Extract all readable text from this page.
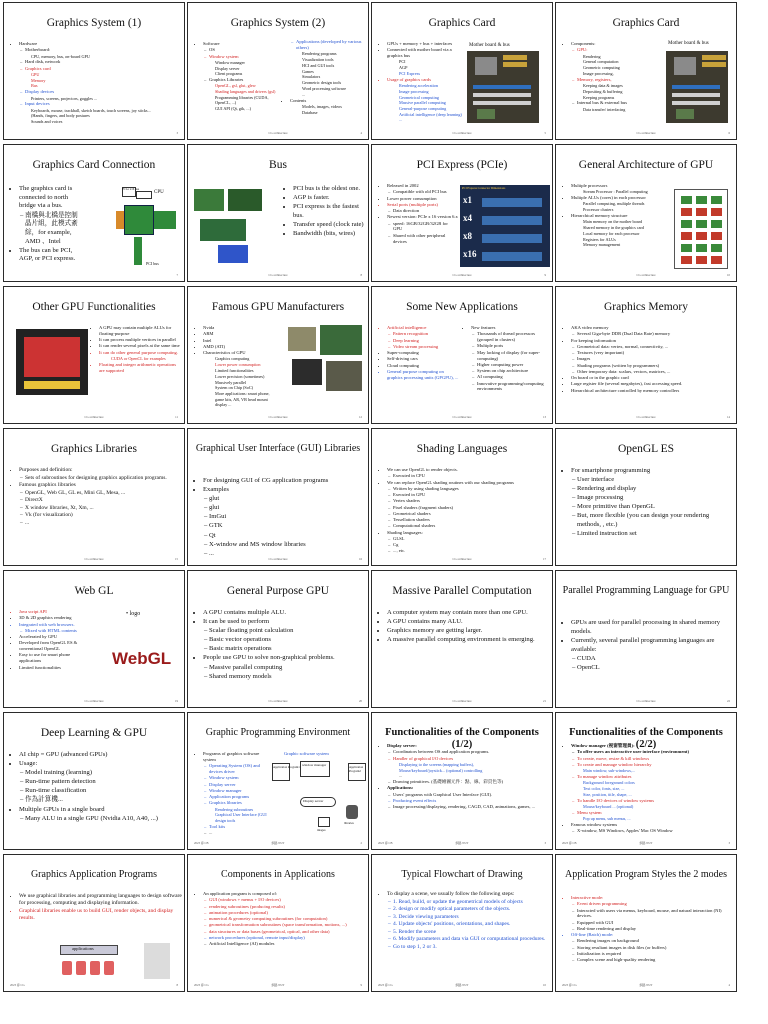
Graphics System (1)
• Hardware
– Motherboard:
CPU, memory, bus, on-board GPU
– Hard disk, network
– Graphics card
GPU
Memory
Bus
– Display devices
Printers, screens, projectors, goggles ...
– Input devices
Keyboards, mouse, trackball, sketch boards, touch screens, joy sticks...
(Hands, fingers, and body postures
Sounds and voices
3
Graphics System (2)
• Software
– OS
– Window system
Window manager
Display server
Client programs
– Graphics Libraries
OpenGL, gsl, glut, glew
Shading languages and drivers (gsl)
Programming libraries (CUDA, OpenCL, ...)
GUI API (Qt, gtk, ...)
– Applications (developed by various others)
Rendering programs
Visualization tools
HCI and GUI tools
Games
Simulators
Geometric design tools
Word processing software
...
• Contents
Models, images, videos
Database
CG architecture	4
Graphics Card
• GPUs + memory + bus + interfaces
• Connected with mother board via a graphics bus
PCI
AGP
PCI Express
• Usage of graphics cards
Rendering acceleration
Image processing
Geometrical computing
Massive parallel computing
General-purpose computing
Artificial intelligence (deep learning) ...
Mother board & bus
CG architecture	5
Graphics Card
• Components:
– GPU:
Rendering
General computation
Geometric computing
Image processing,
– Memory, registers,
Keeping data & images
Depositing & buffering
Keeping programs
– Internal bus & external bus
Data transfer/ interfacing
Mother board & bus
CG architecture	6
Graphics Card Connection
• The graphics card is connected to north bridge via a bus.
– 南橋與北橋是控制晶片組，此模式紊綜，for example, AMD 、Intel
• The bus can be PCI, AGP, or PCI express.
PCI-e x16 bus
CPU
PCI bus
7
Bus
• PCI bus is the oldest one.
• AGP is faster.
• PCI express is the fastest bus.
• Transfer speed (clock rate)
• Bandwidth (bits, wires)
CG architecture	8
PCI Express (PCIe)
• Released in 2002
– Compatible with old PCI bus
• Lower power consumption
• Serial ports (multiple ports)
– Data direction
• Newest version: PCIe x 16 version 6.x
– speed: 16GB/32GB/32GB for GPU
– Shared with other peripheral devices
PCI Express Connector Dimensions
x1
x4
x8
x16
CG architecture	9
General Architecture of GPU
• Multiple processors
Stream Processor : Parallel computing
• Multiple ALUs (cores) in each processor
Parallel computing, multiple threads
Processor clusters
• Hierarchical memory structure
Main memory on the mother board
Shared memory in the graphics card
Local memory for each processor
Registers for ALUs
Memory management
CG architecture	10
Other GPU Functionalities
• A GPU may contain multiple ALUs for floating-purpose
• It can process multiple vertices in parallel
• It can render several pixels at the same time
• It can do other general purpose computing.
CUDA or OpenCL for examples
• Floating and integer arithmetic operations are supported
CG architecture	11
Famous GPU Manufacturers
• Nvida
• ARM
• Intel
• AMD (ATI)
• Characteristics of GPU
Graphics computing
Lower power consumption
Limited functionalities
Lower precision (sometimes)
Massively parallel
System on Chip (SoC)
More applications: smart phone, game kits, AR, VR head mount display ...
CG architecture	12
Some New Applications
• Artificial intelligence
– Pattern recognition
– Deep learning
– Video stream processing
• Super-computing
• Self-driving cars
• Cloud computing
• General purpose computing on graphics processing units (GPGPU), ...
• New features
– Thousands of thread processors (grouped in clusters)
– Multiple ports
– May lacking of display (for super-computing)
– Higher computing power
– System on chip architecture
– AI computing
– Innovative programming/computing environments
CG architecture	13
Graphics Memory
• AKA video memory
– Several Giga-byte DDR (Dual Data Rate) memory
• For keeping information
– Geometrical data: vertex, normal, connectivity, ...
– Textures (very important)
– Images
– Shading programs (written by programmers)
– Other temporary data: scalars, vectors, matrices, ...
• On board or in the graphic card
• Large register file (several megabytes), fast accessing speed.
• Hierarchical architecture controlled by memory controllers
CG architecture	14
Graphics Libraries
• Purposes and definition:
– Sets of subroutines for designing graphics application programs.
• Famous graphics libraries
– OpenGL, Web GL, GL es, Mini GL, Mesa, ...
– DirectX
– X window libraries, Xt, Xm, ...
– Vk (for visualization)
– ...
CG architecture	15
Graphical User Interface (GUI) Libraries
• For designing GUI of CG application programs
• Examples
– glut
– glui
– ImGui
– GTK
– Qt
– X-window and MS window libraries
– ...
CG architecture	16
Shading Languages
• We can use OpenGL to render objects.
– Executed in CPU
• We can replace OpenGL shading routines with our shading programs
– Written by using shading languages
– Executed in GPU
– Vertex shaders
– Pixel shaders (fragment shaders)
– Geometrical shaders
– Tessellation shaders
– Computational shaders
• Shading languages:
– GLSL
– Cg
– ..., etc.
CG architecture	17
OpenGL ES
• For smartphone programming
– User interface
– Rendering and display
– Image processing
– More primitive than OpenGL
– But, more flexible (you can design your rendering methods, , etc.)
– Limited instruction set
Web GL
• Java script API
• 3D & 2D graphics rendering
• Integrated with web browsers.
– Mixed with HTML contents
• Accelerated by GPU
• Developed from OpenGL ES & conventional OpenGL
• Easy to use for smart phone applications
• Limited functionalities
• logo
WebGL
CG architecture	19
General Purpose GPU
• A GPU contains multiple ALU.
• It can be used to perform
– Scalar floating point calculation
– Basic vector operations
– Basic matrix operations
• People use GPU to solve non-graphical problems.
– Massive parallel computing
– Shared memory models
CG architecture	20
Massive Parallel Computation
• A computer system may contain more than one GPU.
• A GPU contains many ALU.
• Graphics memory are getting larger.
• A massive parallel computing environment is emerging.
CG architecture	21
Parallel Programming Language for GPU
• GPUs are used for parallel processing in shared memory models.
• Currently, several parallel programming languages are available:
– CUDA
– OpenCL
CG architecture	22
Deep Learning & GPU
• AI chip = GPU (advanced GPUs)
• Usage:
– Model training (learning)
– Run-time pattern detection
– Run-time classification
– 作為計算機...
• Multiple GPUs in a single board
– Many ALU in a single GPU (Nvidia A10, A40, ...)
Graphic Programming Environment
• Programs of graphics software system
– Operating System (OS) and devices driver
– Window system
– Display server
– Window manager
– Application programs
– Graphics libraries
Rendering subroutines
Graphical User Interface (GUI design tools
– Tool kits
– ...
Graphic software system
Application Program1	Application Program2
window manager
Display server
libraries
images
2023 春 CB	網路 NUT	2
Functionalities of the Components (1/2)
• Display server:
– Coordinators between OS and application programs.
– Handler of graphical I/O devices
Displaying to the screens (mapping buffers),
Mouse/keyboard/joystick... (optional) controlling
...
– Drawing primitives. (基礎繪圖元件：點、線、彩頁色等)
• Applications:
– Users' programs with Graphical User Interface (GUI).
– Producing event effects
– Image processing/displaying, rendering, CAGD, CAD, animations, games, ...
2023 春 CB	網路 NUT	3
Functionalities of the Components (2/2)
• Window manager (視窗管理員):
– To offer users an interactive user interface (environment)
– To create, move, resize & kill windows
– To create and manage window hierarchy
Main window, sub-windows,...
– To manage window attributes
Background foreground colors
Text color, fonts, size, ...
Size, position, title, shape, ...
– To handle I/O devices of window systems
Mouse/keyboard ... (optional)
– Menu system
Pop up menu, sub menus, ...
• Famous window systems
– X-window, MS Windows, Apples' Mac OS Window
2023 春 CB	網路 NUT	3
Graphics Application Programs
• We use graphical libraries and programming languages to design software for processing, computing and displaying information.
• Graphical libraries enable us to build GUI, render objects, and display results.
applications
2023 春 CG	8
Components in Applications
• An application program is composed of:
– GUI (windows + menus + I/O devices)
– rendering subroutines (producing results)
– animation procedures (optional)
– numerical & geometry computing subroutines (for computation)
– geometrical transformation subroutines (space transformation, motions, ...)
– data structures or data bases (geometrical, optical, and other data)
– network procedures (optional, remote input/display)
– Artificial Intelligence (AI) modules
2023 春 CG	網路 NUT	9
Typical Flowchart of Drawing
• To display a scene, we usually follow the following steps:
– 1. Read, build, or update the geometrical models of objects
– 2. design or modify optical parameters of the objects.
– 3. Decide viewing parameters
– 4. Update objects' positions, orientations, and shapes.
– 5. Render the scene
– 6. Modify parameters and data via GUI or computational procedures.
– Go to step 1, 2 or 3.
2023 春 CG	網路 NUT	10
Application Program Styles the 2 modes
• Interactive mode:
– Event driven programming
– Interacted with users via menus, keyboard, mouse, and natural interaction (NI) devices.
– Equipped with GUI
– Real-time rendering and display
• Off-line (Batch) mode:
– Rendering images on background
– Storing resultant images in disk files (or buffers)
– Initialization is required
– Complex scene and high-quality rendering
2023 春 CG	網路 NUT	4
